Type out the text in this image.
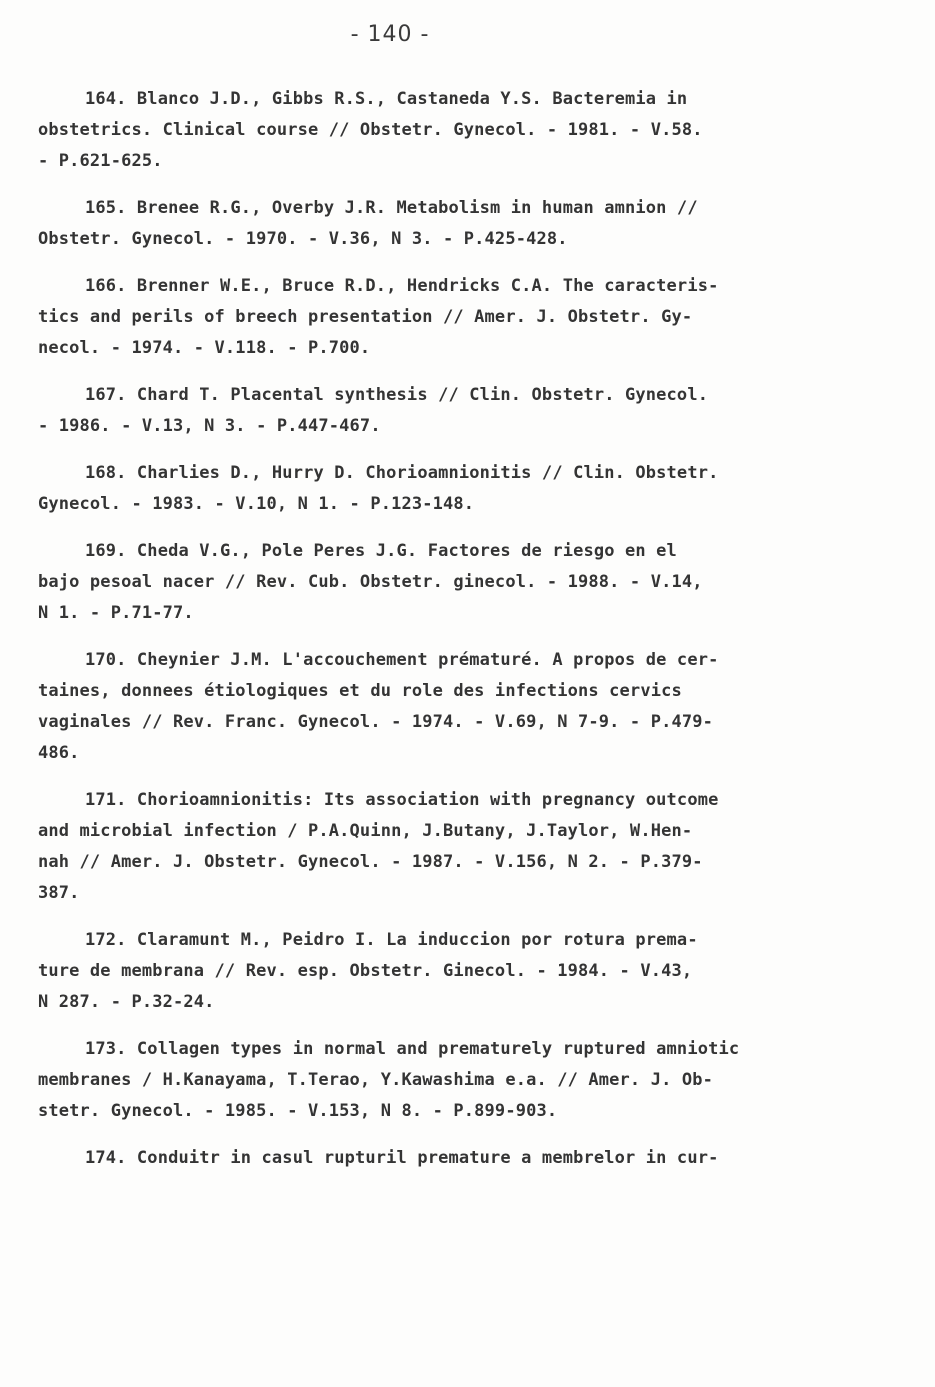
- 140 -
164. Blanco J.D., Gibbs R.S., Castaneda Y.S. Bacteremia in
obstetrics. Clinical course // Obstetr. Gynecol. - 1981. - V.58.
- P.621-625.
165. Brenee R.G., Overby J.R. Metabolism in human amnion //
Obstetr. Gynecol. - 1970. - V.36, N 3. - P.425-428.
166. Brenner W.E., Bruce R.D., Hendricks C.A. The caracteris-
tics and perils of breech presentation // Amer. J. Obstetr. Gy-
necol. - 1974. - V.118. - P.700.
167. Chard T. Placental synthesis // Clin. Obstetr. Gynecol.
- 1986. - V.13, N 3. - P.447-467.
168. Charlies D., Hurry D. Chorioamnionitis // Clin. Obstetr.
Gynecol. - 1983. - V.10, N 1. - P.123-148.
169. Cheda V.G., Pole Peres J.G. Factores de riesgo en el
bajo pesoal nacer // Rev. Cub. Obstetr. ginecol. - 1988. - V.14,
N 1. - P.71-77.
170. Cheynier J.M. L'accouchement prématuré. A propos de cer-
taines, donnees étiologiques et du role des infections cervics
vaginales // Rev. Franc. Gynecol. - 1974. - V.69, N 7-9. - P.479-
486.
171. Chorioamnionitis: Its association with pregnancy outcome
and microbial infection / P.A.Quinn, J.Butany, J.Taylor, W.Hen-
nah // Amer. J. Obstetr. Gynecol. - 1987. - V.156, N 2. - P.379-
387.
172. Claramunt M., Peidro I. La induccion por rotura prema-
ture de membrana // Rev. esp. Obstetr. Ginecol. - 1984. - V.43,
N 287. - P.32-24.
173. Collagen types in normal and prematurely ruptured amniotic
membranes / H.Kanayama, T.Terao, Y.Kawashima e.a. // Amer. J. Ob-
stetr. Gynecol. - 1985. - V.153, N 8. - P.899-903.
174. Conduitr in casul rupturil premature a membrelor in cur-
